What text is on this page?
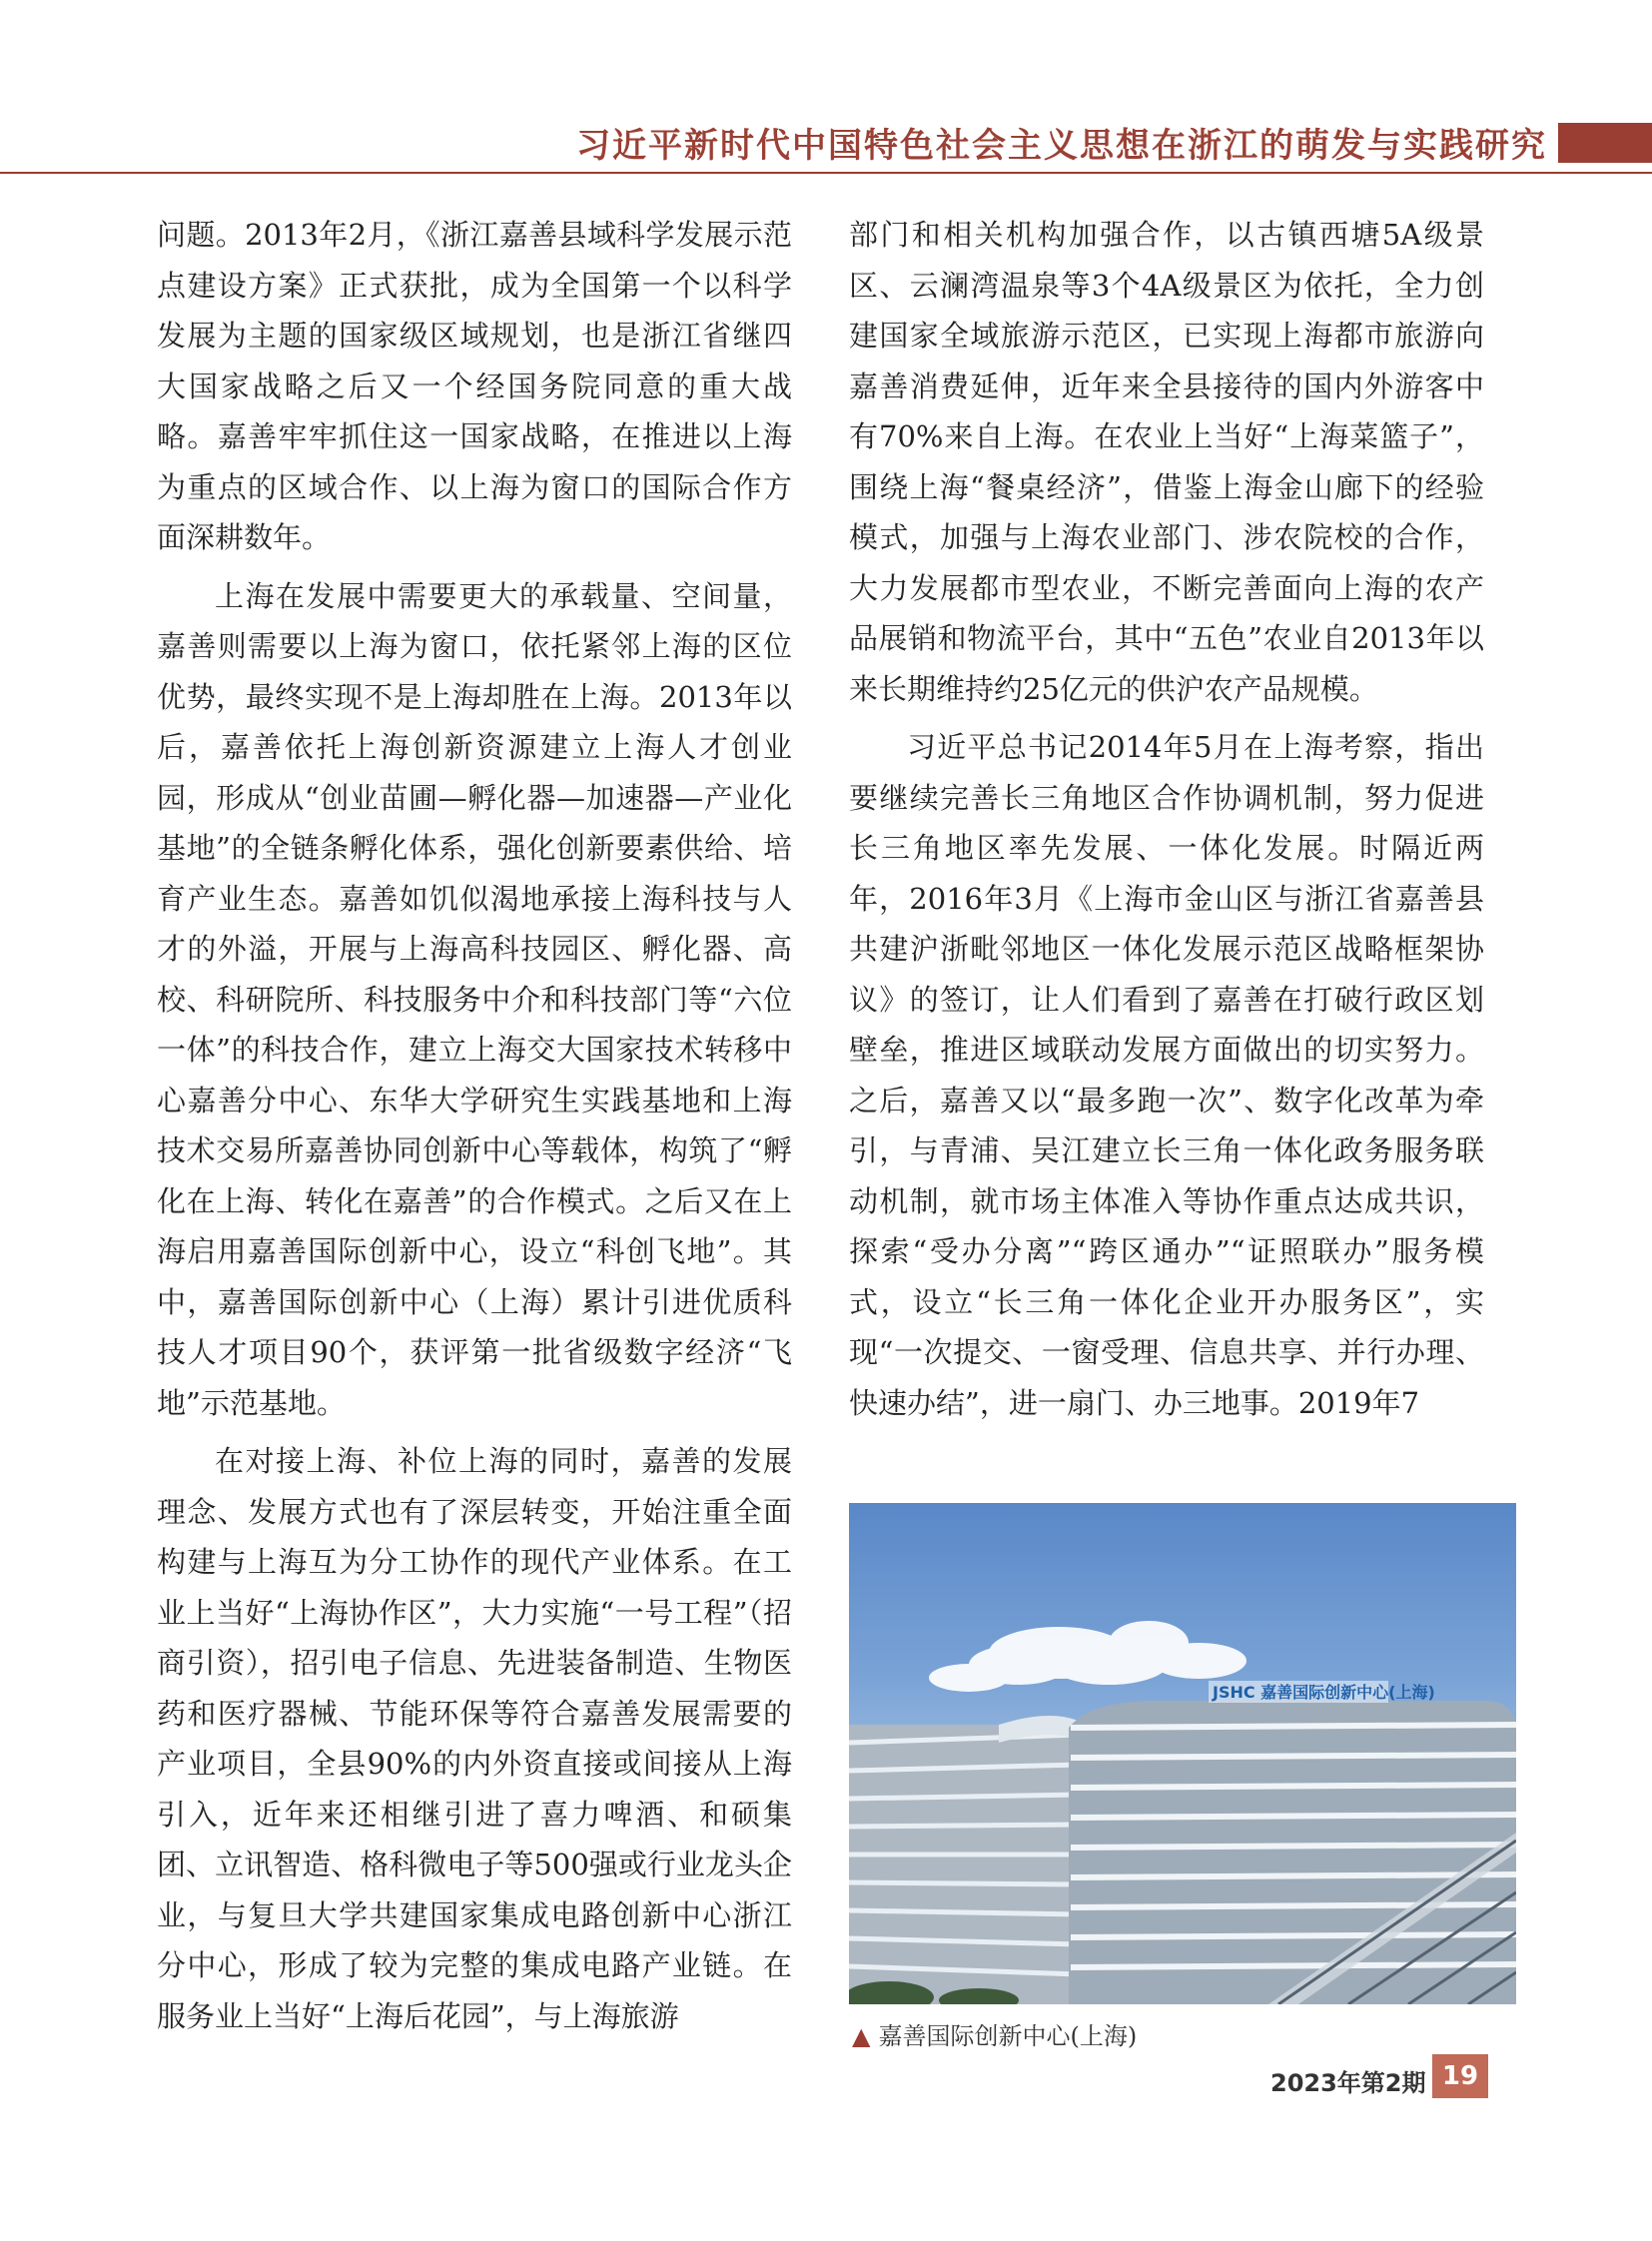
习近平新时代中国特色社会主义思想在浙江的萌发与实践研究

问题。2013年2月，《浙江嘉善县域科学发展示范点建设方案》正式获批，成为全国第一个以科学发展为主题的国家级区域规划，也是浙江省继四大国家战略之后又一个经国务院同意的重大战略。嘉善牢牢抓住这一国家战略，在推进以上海为重点的区域合作、以上海为窗口的国际合作方面深耕数年。

上海在发展中需要更大的承载量、空间量，嘉善则需要以上海为窗口，依托紧邻上海的区位优势，最终实现不是上海却胜在上海。2013年以后，嘉善依托上海创新资源建立上海人才创业园，形成从“创业苗圃—孵化器—加速器—产业化基地”的全链条孵化体系，强化创新要素供给、培育产业生态。嘉善如饥似渴地承接上海科技与人才的外溢，开展与上海高科技园区、孵化器、高校、科研院所、科技服务中介和科技部门等“六位一体”的科技合作，建立上海交大国家技术转移中心嘉善分中心、东华大学研究生实践基地和上海技术交易所嘉善协同创新中心等载体，构筑了“孵化在上海、转化在嘉善”的合作模式。之后又在上海启用嘉善国际创新中心，设立“科创飞地”。其中，嘉善国际创新中心（上海）累计引进优质科技人才项目90个，获评第一批省级数字经济“飞地”示范基地。

在对接上海、补位上海的同时，嘉善的发展理念、发展方式也有了深层转变，开始注重全面构建与上海互为分工协作的现代产业体系。在工业上当好“上海协作区”，大力实施“一号工程”（招商引资），招引电子信息、先进装备制造、生物医药和医疗器械、节能环保等符合嘉善发展需要的产业项目，全县90%的内外资直接或间接从上海引入，近年来还相继引进了喜力啤酒、和硕集团、立讯智造、格科微电子等500强或行业龙头企业，与复旦大学共建国家集成电路创新中心浙江分中心，形成了较为完整的集成电路产业链。在服务业上当好“上海后花园”，与上海旅游

部门和相关机构加强合作，以古镇西塘5A级景区、云澜湾温泉等3个4A级景区为依托，全力创建国家全域旅游示范区，已实现上海都市旅游向嘉善消费延伸，近年来全县接待的国内外游客中有70%来自上海。在农业上当好“上海菜篮子”，围绕上海“餐桌经济”，借鉴上海金山廊下的经验模式，加强与上海农业部门、涉农院校的合作，大力发展都市型农业，不断完善面向上海的农产品展销和物流平台，其中“五色”农业自2013年以来长期维持约25亿元的供沪农产品规模。

习近平总书记2014年5月在上海考察，指出要继续完善长三角地区合作协调机制，努力促进长三角地区率先发展、一体化发展。时隔近两年，2016年3月《上海市金山区与浙江省嘉善县共建沪浙毗邻地区一体化发展示范区战略框架协议》的签订，让人们看到了嘉善在打破行政区划壁垒，推进区域联动发展方面做出的切实努力。之后，嘉善又以“最多跑一次”、数字化改革为牵引，与青浦、吴江建立长三角一体化政务服务联动机制，就市场主体准入等协作重点达成共识，探索“受办分离”“跨区通办”“证照联办”服务模式，设立“长三角一体化企业开办服务区”，实现“一次提交、一窗受理、信息共享、并行办理、快速办结”，进一扇门、办三地事。2019年7

JSHC 嘉善国际创新中心(上海)
▲ 嘉善国际创新中心(上海)
2023年第2期 19
